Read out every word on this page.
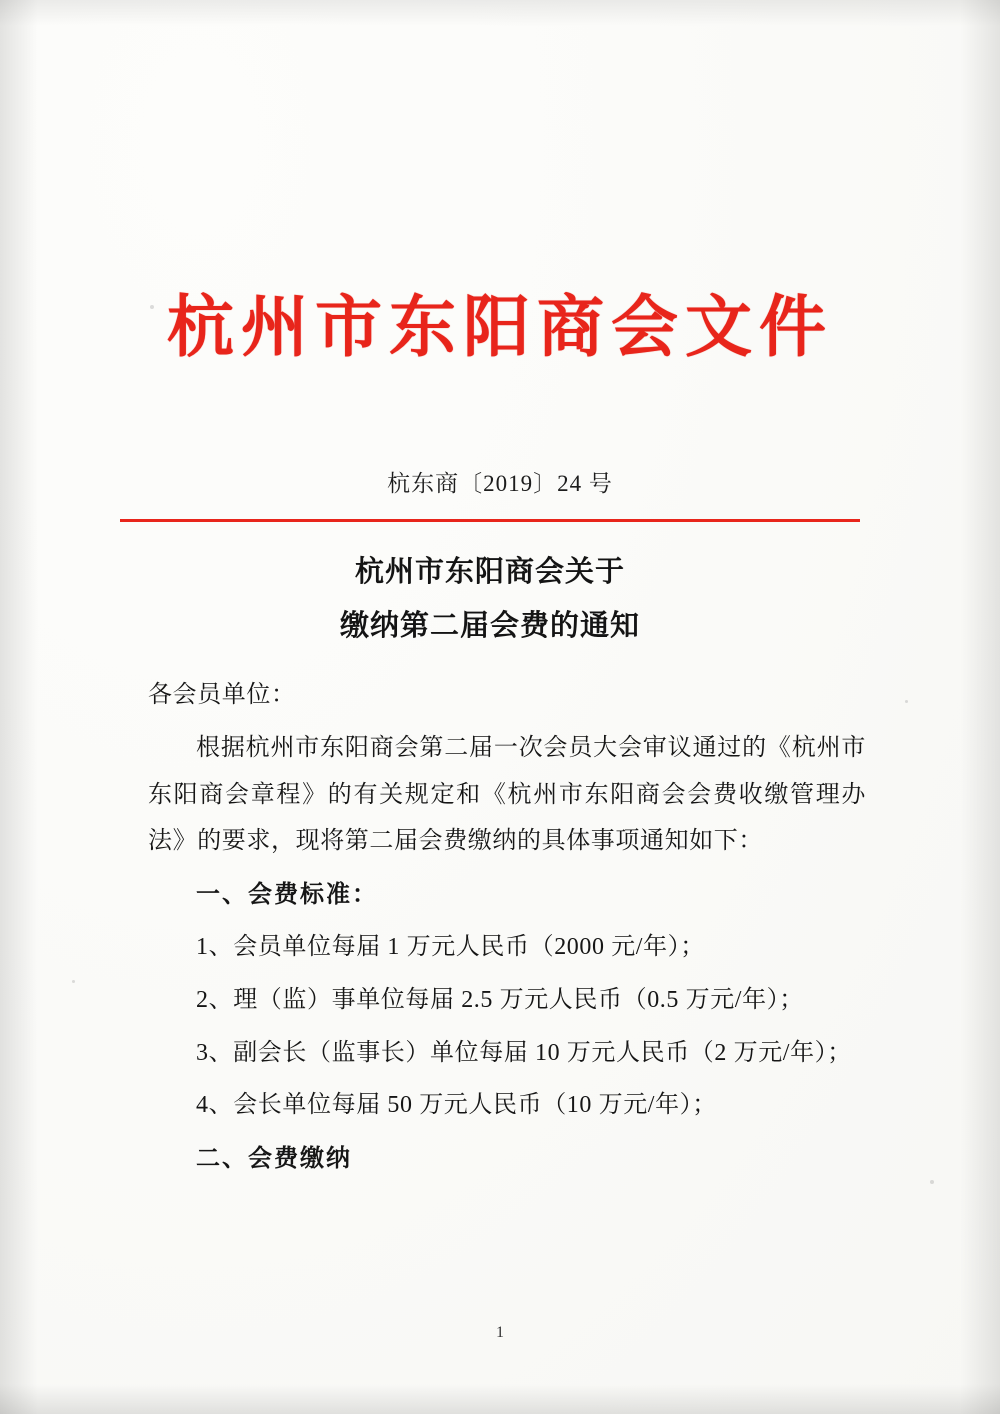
杭州市东阳商会文件
杭东商〔2019〕24 号
杭州市东阳商会关于
缴纳第二届会费的通知

各会员单位：

根据杭州市东阳商会第二届一次会员大会审议通过的《杭州市东阳商会章程》的有关规定和《杭州市东阳商会会费收缴管理办法》的要求，现将第二届会费缴纳的具体事项通知如下：

一、会费标准：

1、会员单位每届 1 万元人民币（2000 元/年）；

2、理（监）事单位每届 2.5 万元人民币（0.5 万元/年）；

3、副会长（监事长）单位每届 10 万元人民币（2 万元/年）；

4、会长单位每届 50 万元人民币（10 万元/年）；

二、会费缴纳

1
